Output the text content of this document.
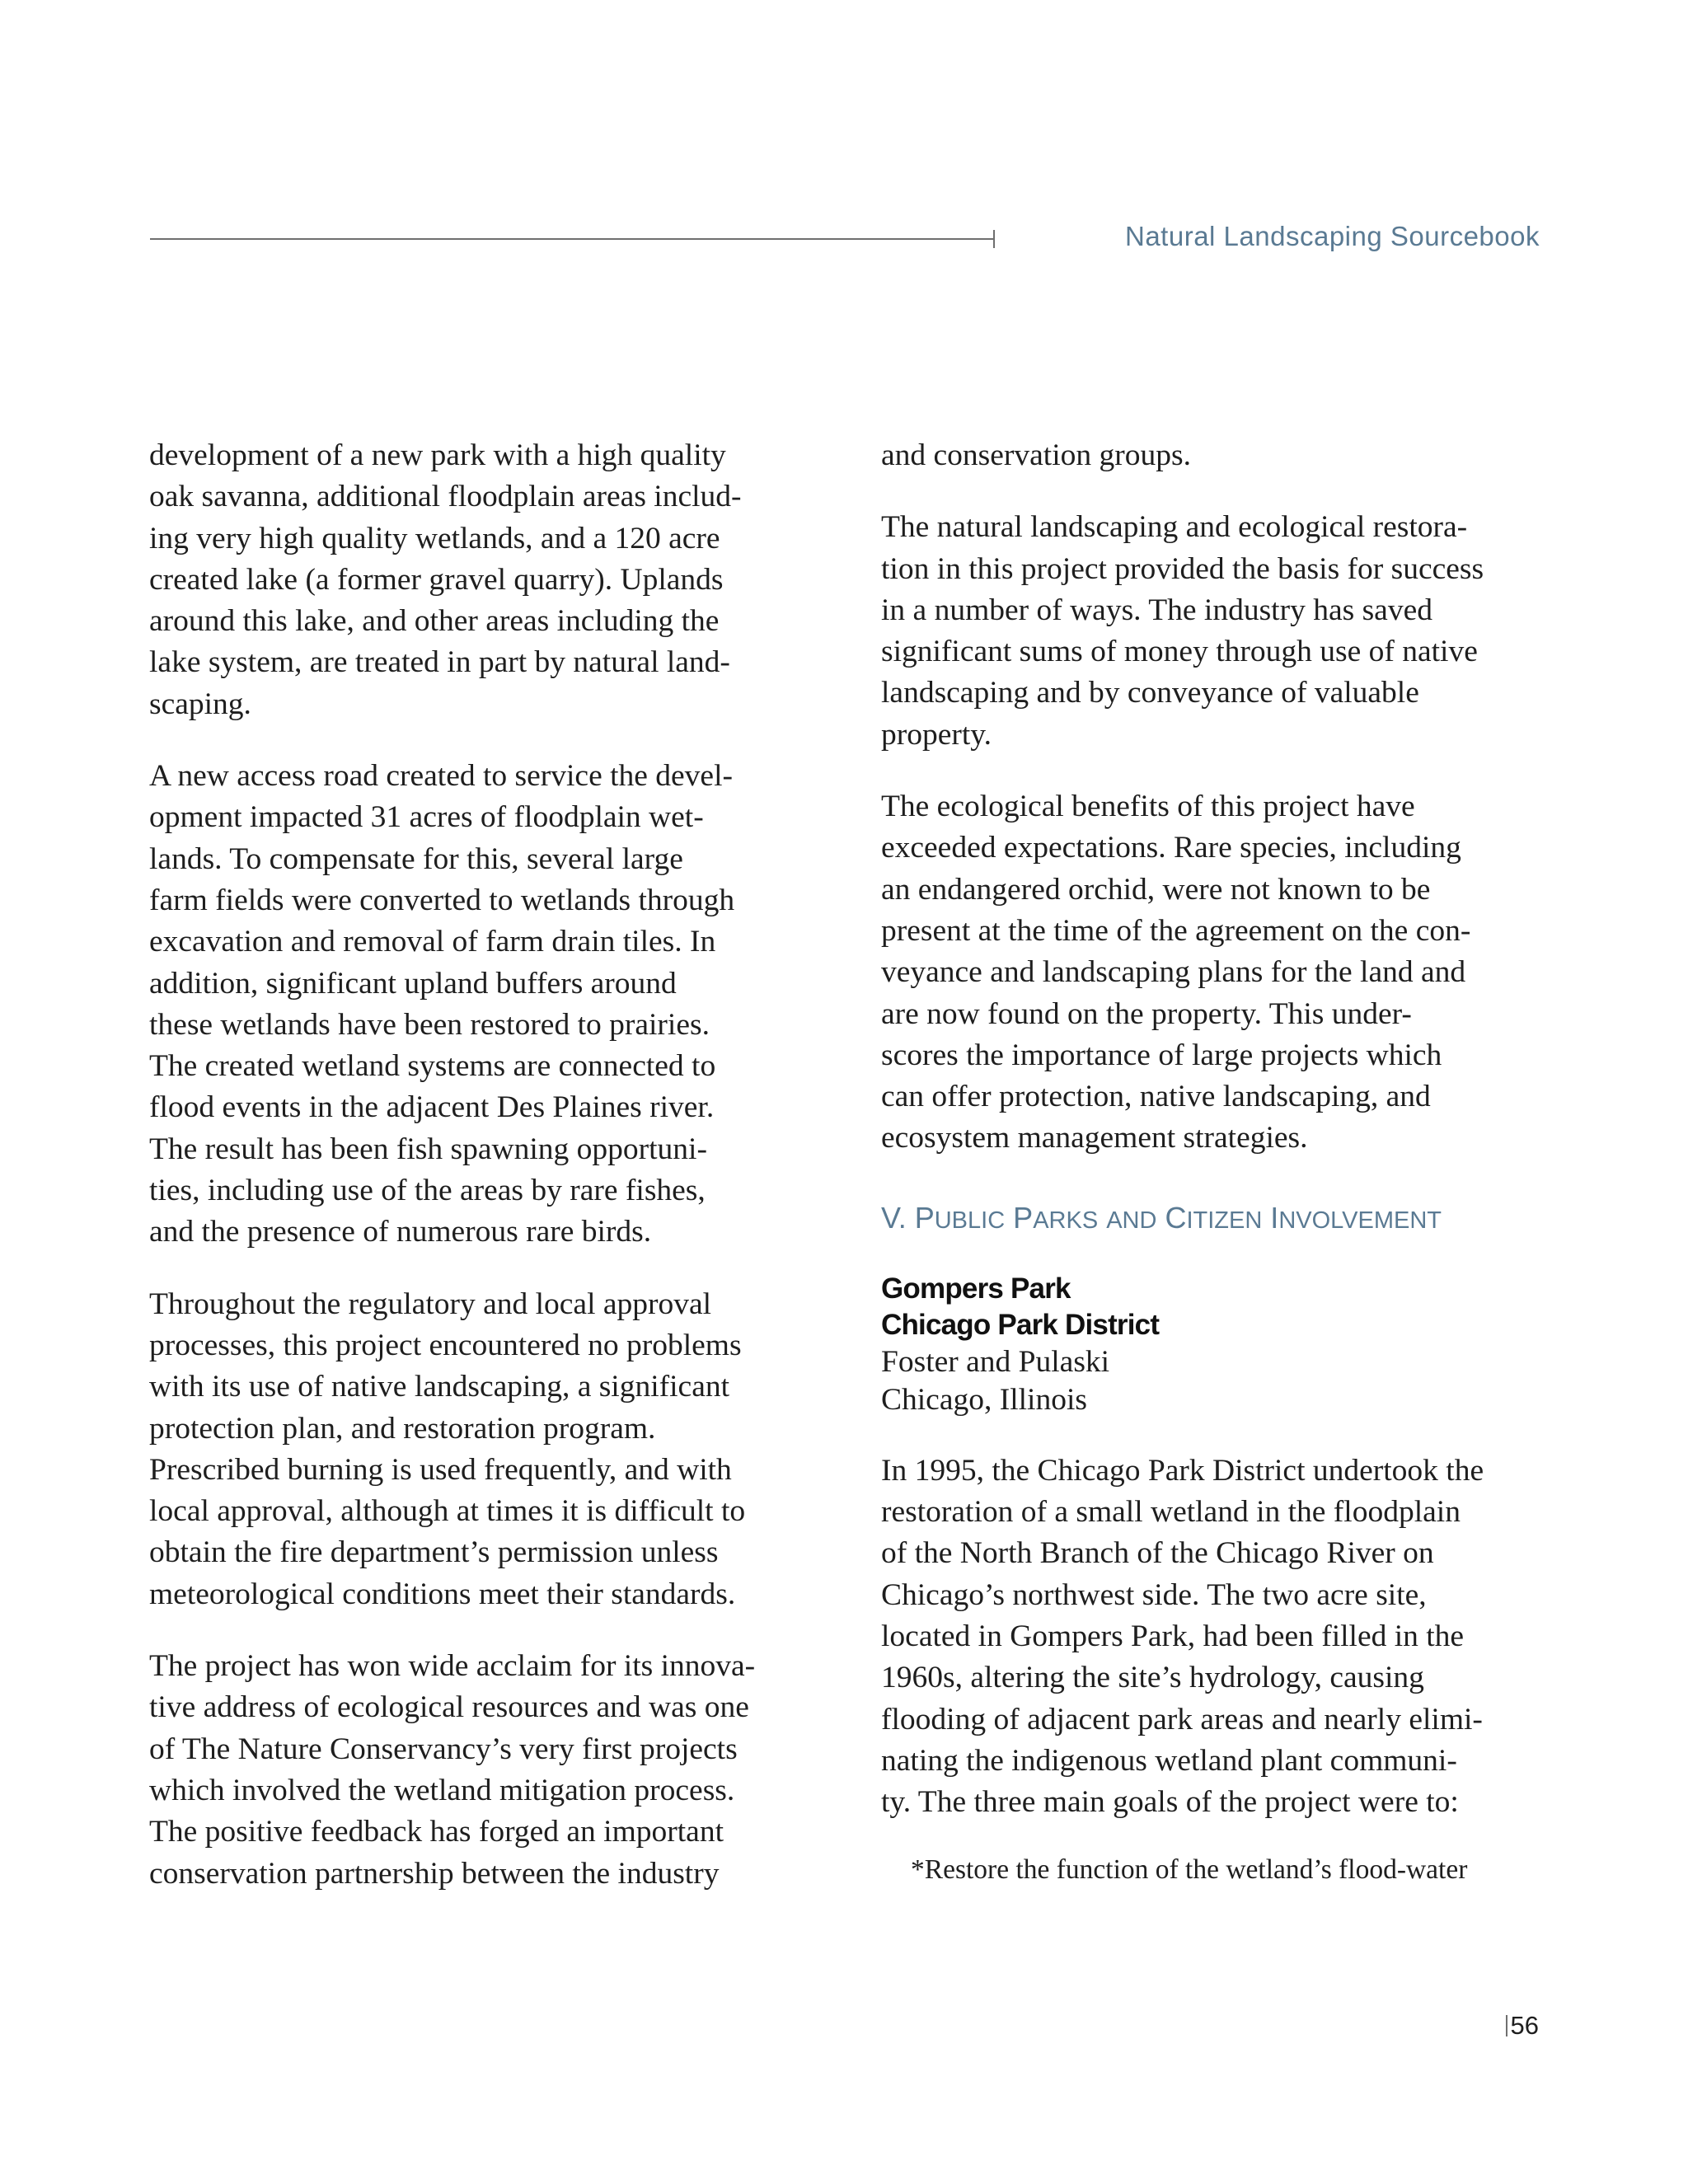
Natural Landscaping Sourcebook

development of a new park with a high quality
oak savanna, additional floodplain areas includ-
ing very high quality wetlands, and a 120 acre
created lake (a former gravel quarry). Uplands
around this lake, and other areas including the
lake system, are treated in part by natural land-
scaping.

A new access road created to service the devel-
opment impacted 31 acres of floodplain wet-
lands. To compensate for this, several large
farm fields were converted to wetlands through
excavation and removal of farm drain tiles. In
addition, significant upland buffers around
these wetlands have been restored to prairies.
The created wetland systems are connected to
flood events in the adjacent Des Plaines river.
The result has been fish spawning opportuni-
ties, including use of the areas by rare fishes,
and the presence of numerous rare birds.

Throughout the regulatory and local approval
processes, this project encountered no problems
with its use of native landscaping, a significant
protection plan, and restoration program.
Prescribed burning is used frequently, and with
local approval, although at times it is difficult to
obtain the fire department’s permission unless
meteorological conditions meet their standards.

The project has won wide acclaim for its innova-
tive address of ecological resources and was one
of The Nature Conservancy’s very first projects
which involved the wetland mitigation process.
The positive feedback has forged an important
conservation partnership between the industry

and conservation groups.

The natural landscaping and ecological restora-
tion in this project provided the basis for success
in a number of ways. The industry has saved
significant sums of money through use of native
landscaping and by conveyance of valuable
property.

The ecological benefits of this project have
exceeded expectations. Rare species, including
an endangered orchid, were not known to be
present at the time of the agreement on the con-
veyance and landscaping plans for the land and
are now found on the property. This under-
scores the importance of large projects which
can offer protection, native landscaping, and
ecosystem management strategies.

V. PUBLIC PARKS AND CITIZEN INVOLVEMENT
Gompers Park
Chicago Park District
Foster and Pulaski
Chicago, Illinois

In 1995, the Chicago Park District undertook the
restoration of a small wetland in the floodplain
of the North Branch of the Chicago River on
Chicago’s northwest side. The two acre site,
located in Gompers Park, had been filled in the
1960s, altering the site’s hydrology, causing
flooding of adjacent park areas and nearly elimi-
nating the indigenous wetland plant communi-
ty. The three main goals of the project were to:

*Restore the function of the wetland’s flood-water
56
